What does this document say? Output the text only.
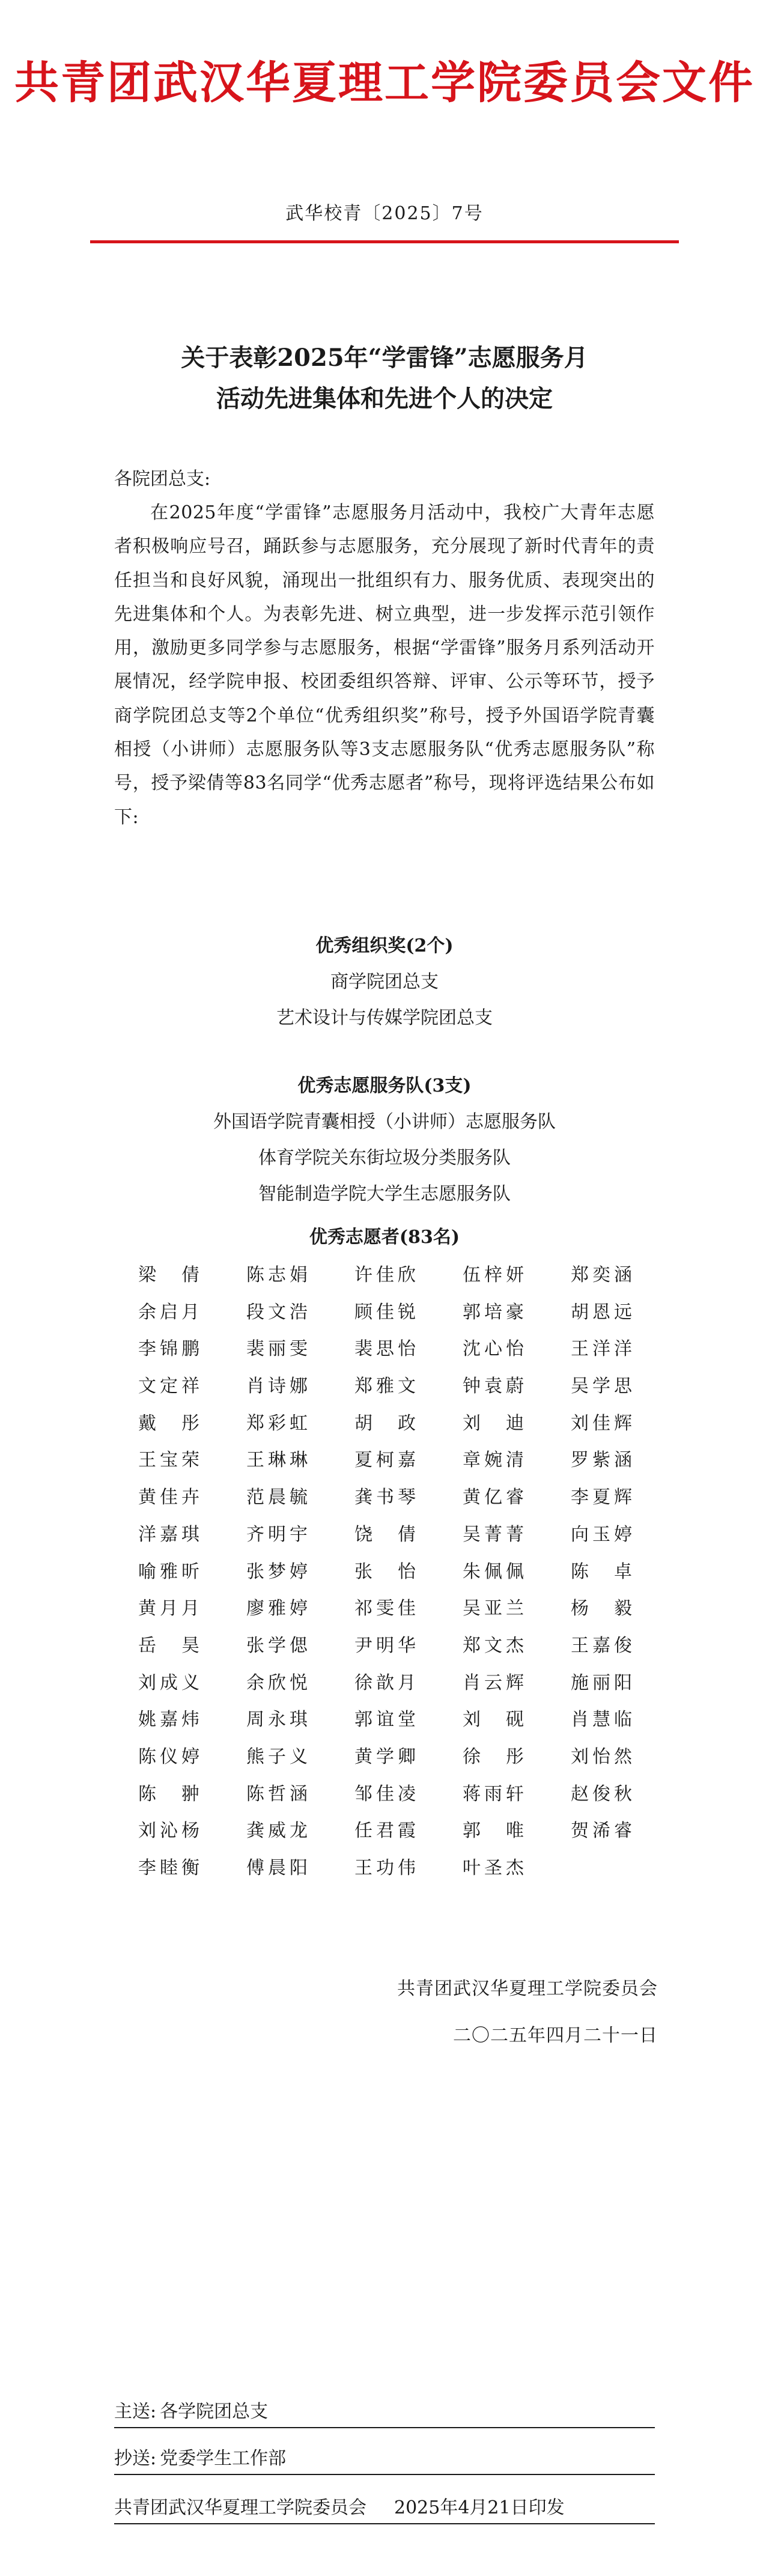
共青团武汉华夏理工学院委员会文件
武华校青〔2025〕7号
关于表彰2025年“学雷锋”志愿服务月
活动先进集体和先进个人的决定
各院团总支:
在2025年度“学雷锋”志愿服务月活动中，我校广大青年志愿者积极响应号召，踊跃参与志愿服务，充分展现了新时代青年的责任担当和良好风貌，涌现出一批组织有力、服务优质、表现突出的先进集体和个人。为表彰先进、树立典型，进一步发挥示范引领作用，激励更多同学参与志愿服务，根据“学雷锋”服务月系列活动开展情况，经学院申报、校团委组织答辩、评审、公示等环节，授予商学院团总支等2个单位“优秀组织奖”称号，授予外国语学院青囊相授（小讲师）志愿服务队等3支志愿服务队“优秀志愿服务队”称号，授予梁倩等83名同学“优秀志愿者”称号，现将评选结果公布如下:
优秀组织奖(2个)
商学院团总支
艺术设计与传媒学院团总支
优秀志愿服务队(3支)
外国语学院青囊相授（小讲师）志愿服务队
体育学院关东街垃圾分类服务队
智能制造学院大学生志愿服务队
优秀志愿者(83名)
梁倩	陈志娟	许佳欣	伍梓妍	郑奕涵
余启月	段文浩	顾佳锐	郭培豪	胡恩远
李锦鹏	裴丽雯	裴思怡	沈心怡	王洋洋
文定祥	肖诗娜	郑雅文	钟袁蔚	吴学思
戴彤	郑彩虹	胡政	刘迪	刘佳辉
王宝荣	王琳琳	夏柯嘉	章婉清	罗紫涵
黄佳卉	范晨毓	龚书琴	黄亿睿	李夏辉
洋嘉琪	齐明宇	饶倩	吴菁菁	向玉婷
喻雅昕	张梦婷	张怡	朱佩佩	陈卓
黄月月	廖雅婷	祁雯佳	吴亚兰	杨毅
岳昊	张学偲	尹明华	郑文杰	王嘉俊
刘成义	余欣悦	徐歆月	肖云辉	施丽阳
姚嘉炜	周永琪	郭谊堂	刘砚	肖慧临
陈仪婷	熊子义	黄学卿	徐彤	刘怡然
陈翀	陈哲涵	邹佳凌	蒋雨轩	赵俊秋
刘沁杨	龚威龙	任君霞	郭唯	贺浠睿
李睦衡	傅晨阳	王功伟	叶圣杰
共青团武汉华夏理工学院委员会
二〇二五年四月二十一日
主送: 各学院团总支
抄送: 党委学生工作部
共青团武汉华夏理工学院委员会 2025年4月21日印发
